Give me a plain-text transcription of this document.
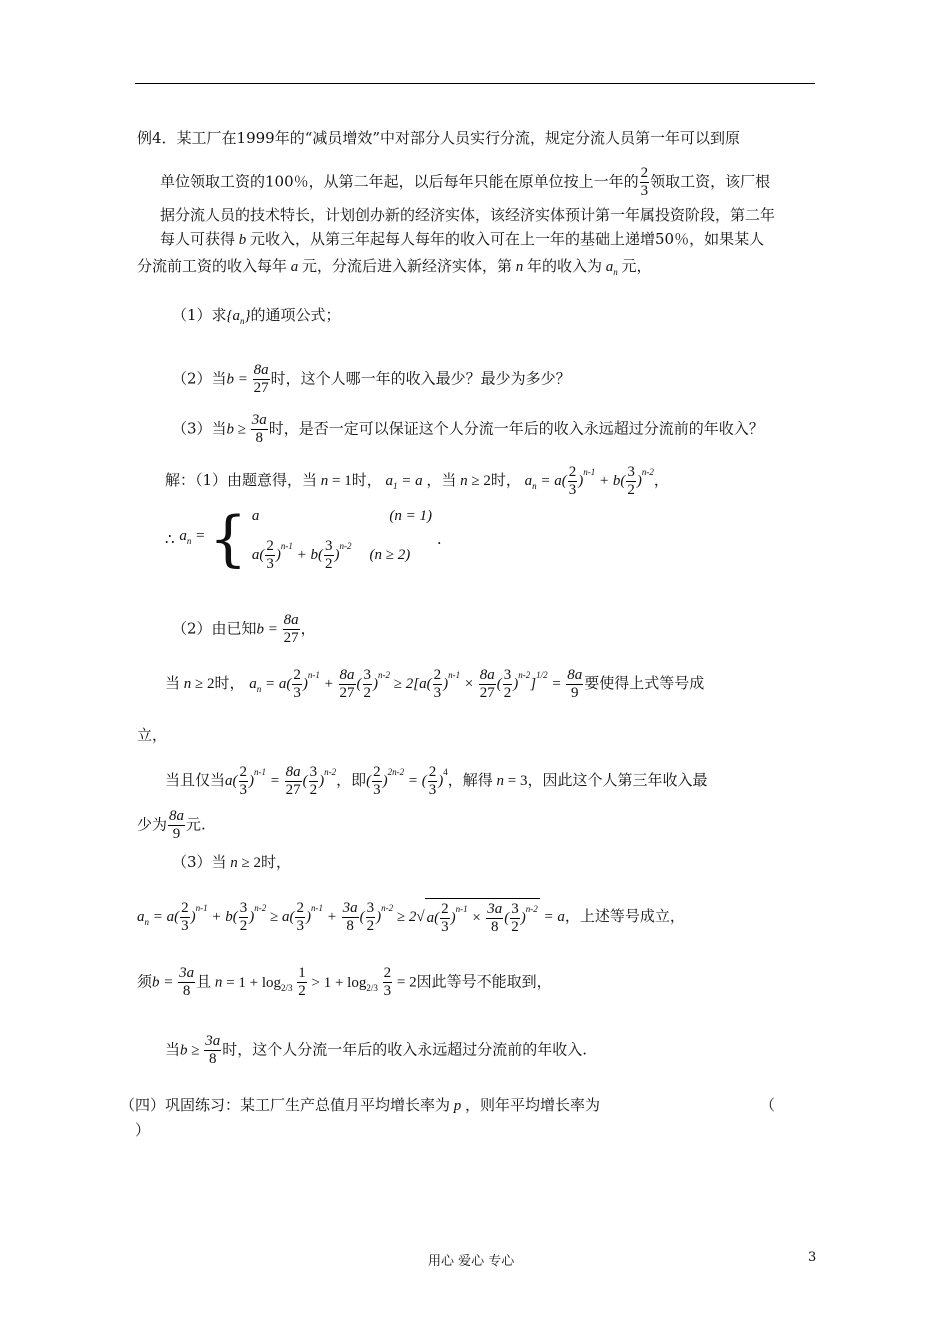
例4．某工厂在1999年的“减员增效”中对部分人员实行分流，规定分流人员第一年可以到原
单位领取工资的100％，从第二年起，以后每年只能在原单位按上一年的 $\frac{2}{3}$ 领取工资，该厂根
据分流人员的技术特长，计划创办新的经济实体，该经济实体预计第一年属投资阶段，第二年
每人可获得 b 元收入，从第三年起每人每年的收入可在上一年的基础上递增50％，如果某人
分流前工资的收入每年 a 元，分流后进入新经济实体，第 n 年的收入为 $a_n$ 元，
（1）求$\{a_n\}$的通项公式；
（2）当$b = \frac{8a}{27}$ 时，这个人哪一年的收入最少？最少为多少？
（3）当$b \ge \frac{3a}{8}$ 时，是否一定可以保证这个人分流一年后的收入永远超过分流前的年收入？
解：（1）由题意得，当 n = 1时， $a_1 = a$ ，当 n ≥ 2时， $a_n = a( \frac{2}{3} )^{n-1} + b( \frac{3}{2} )^{n-2}$，
∴ $a_n$ = { a	(n = 1)
$a( \frac{2}{3} )^{n-1} + b( \frac{3}{2} )^{n-2}(n \ge 2)$
.
（2）由已知$b = \frac{8a}{27}$ ，
当 n ≥ 2时， $a_n = a( \frac{2}{3} )^{n-1} + \frac{8a}{27}$ ( $\frac{3}{2} )^{n-2} \ge 2[a( \frac{2}{3} )^{n-1} \times \frac{8a}{27}$ ( $\frac{3}{2} )^{n-2}]^{1/2} = \frac{8a}{9}$ 要使得上式等号成
立，
当且仅当$a( \frac{2}{3} )^{n-1} = \frac{8a}{27}$ ( $\frac{3}{2} )^{n-2}$，即( $\frac{2}{3} )^{2n-2}$ = ( $\frac{2}{3} )^4$，解得 n = 3，因此这个人第三年收入最
少为 $\frac{8a}{9}$ 元.
（3）当 n ≥ 2时，
$a_n = a( \frac{2}{3} )^{n-1} + b( \frac{3}{2} )^{n-2} \ge a( \frac{2}{3} )^{n-1} + \frac{3a}{8}$ ( $\frac{3}{2} )^{n-2} \ge 2√$ $a( \frac{2}{3} )^{n-1} \times \frac{3a}{8}$ ( $\frac{3}{2} )^{n-2} = a$，上述等号成立，
须$b = \frac{3a}{8}$ 且 $n = 1 + \log_{2/3} \frac{1}{2} > 1 + \log_{2/3} \frac{2}{3} = 2$因此等号不能取到，
当$b \ge \frac{3a}{8}$ 时，这个人分流一年后的收入永远超过分流前的年收入.
（四）巩固练习：某工厂生产总值月平均增长率为 p ，则年平均增长率为	（
）
用心 爱心 专心	3
